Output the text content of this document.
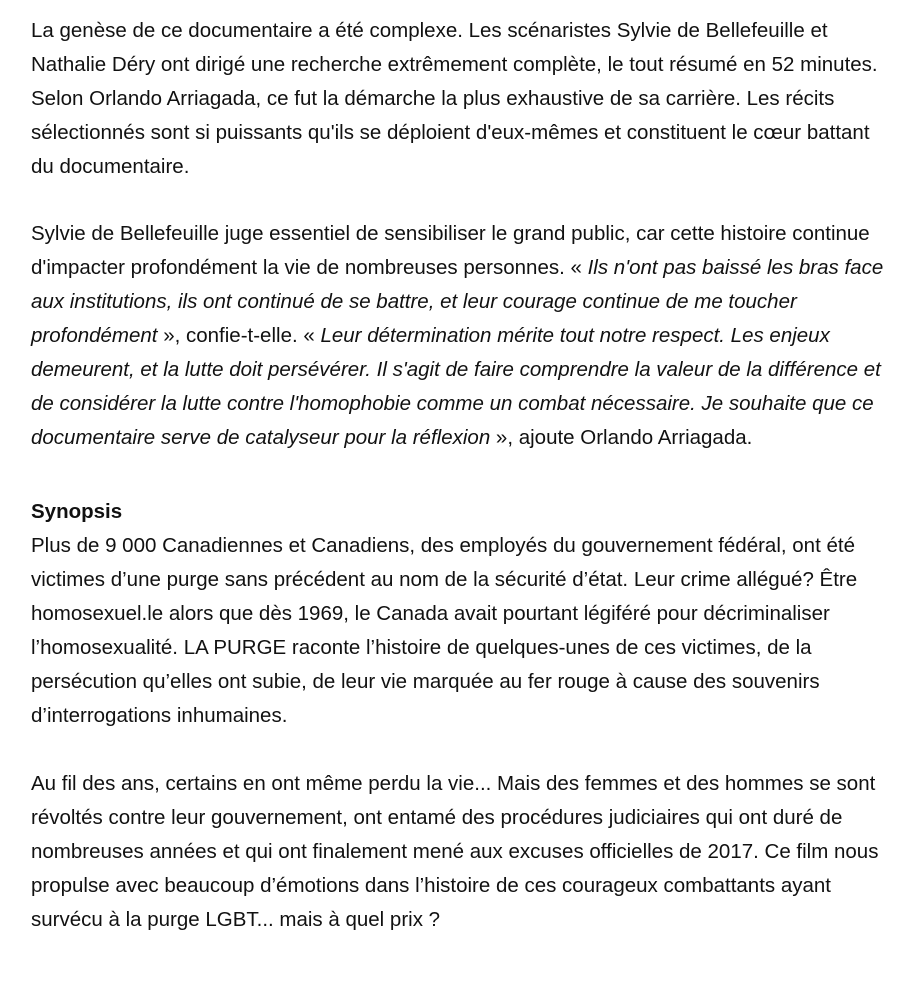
La genèse de ce documentaire a été complexe. Les scénaristes Sylvie de Bellefeuille et Nathalie Déry ont dirigé une recherche extrêmement complète, le tout résumé en 52 minutes. Selon Orlando Arriagada, ce fut la démarche la plus exhaustive de sa carrière. Les récits sélectionnés sont si puissants qu'ils se déploient d'eux-mêmes et constituent le cœur battant du documentaire.

Sylvie de Bellefeuille juge essentiel de sensibiliser le grand public, car cette histoire continue d'impacter profondément la vie de nombreuses personnes. « Ils n'ont pas baissé les bras face aux institutions, ils ont continué de se battre, et leur courage continue de me toucher profondément », confie-t-elle. « Leur détermination mérite tout notre respect. Les enjeux demeurent, et la lutte doit persévérer. Il s'agit de faire comprendre la valeur de la différence et de considérer la lutte contre l'homophobie comme un combat nécessaire. Je souhaite que ce documentaire serve de catalyseur pour la réflexion », ajoute Orlando Arriagada.

Synopsis

Plus de 9 000 Canadiennes et Canadiens, des employés du gouvernement fédéral, ont été victimes d’une purge sans précédent au nom de la sécurité d’état. Leur crime allégué? Être homosexuel.le alors que dès 1969, le Canada avait pourtant légiféré pour décriminaliser l’homosexualité. LA PURGE raconte l’histoire de quelques-unes de ces victimes, de la persécution qu’elles ont subie, de leur vie marquée au fer rouge à cause des souvenirs d’interrogations inhumaines.

Au fil des ans, certains en ont même perdu la vie... Mais des femmes et des hommes se sont révoltés contre leur gouvernement, ont entamé des procédures judiciaires qui ont duré de nombreuses années et qui ont finalement mené aux excuses officielles de 2017. Ce film nous propulse avec beaucoup d’émotions dans l’histoire de ces courageux combattants ayant survécu à la purge LGBT... mais à quel prix ?
